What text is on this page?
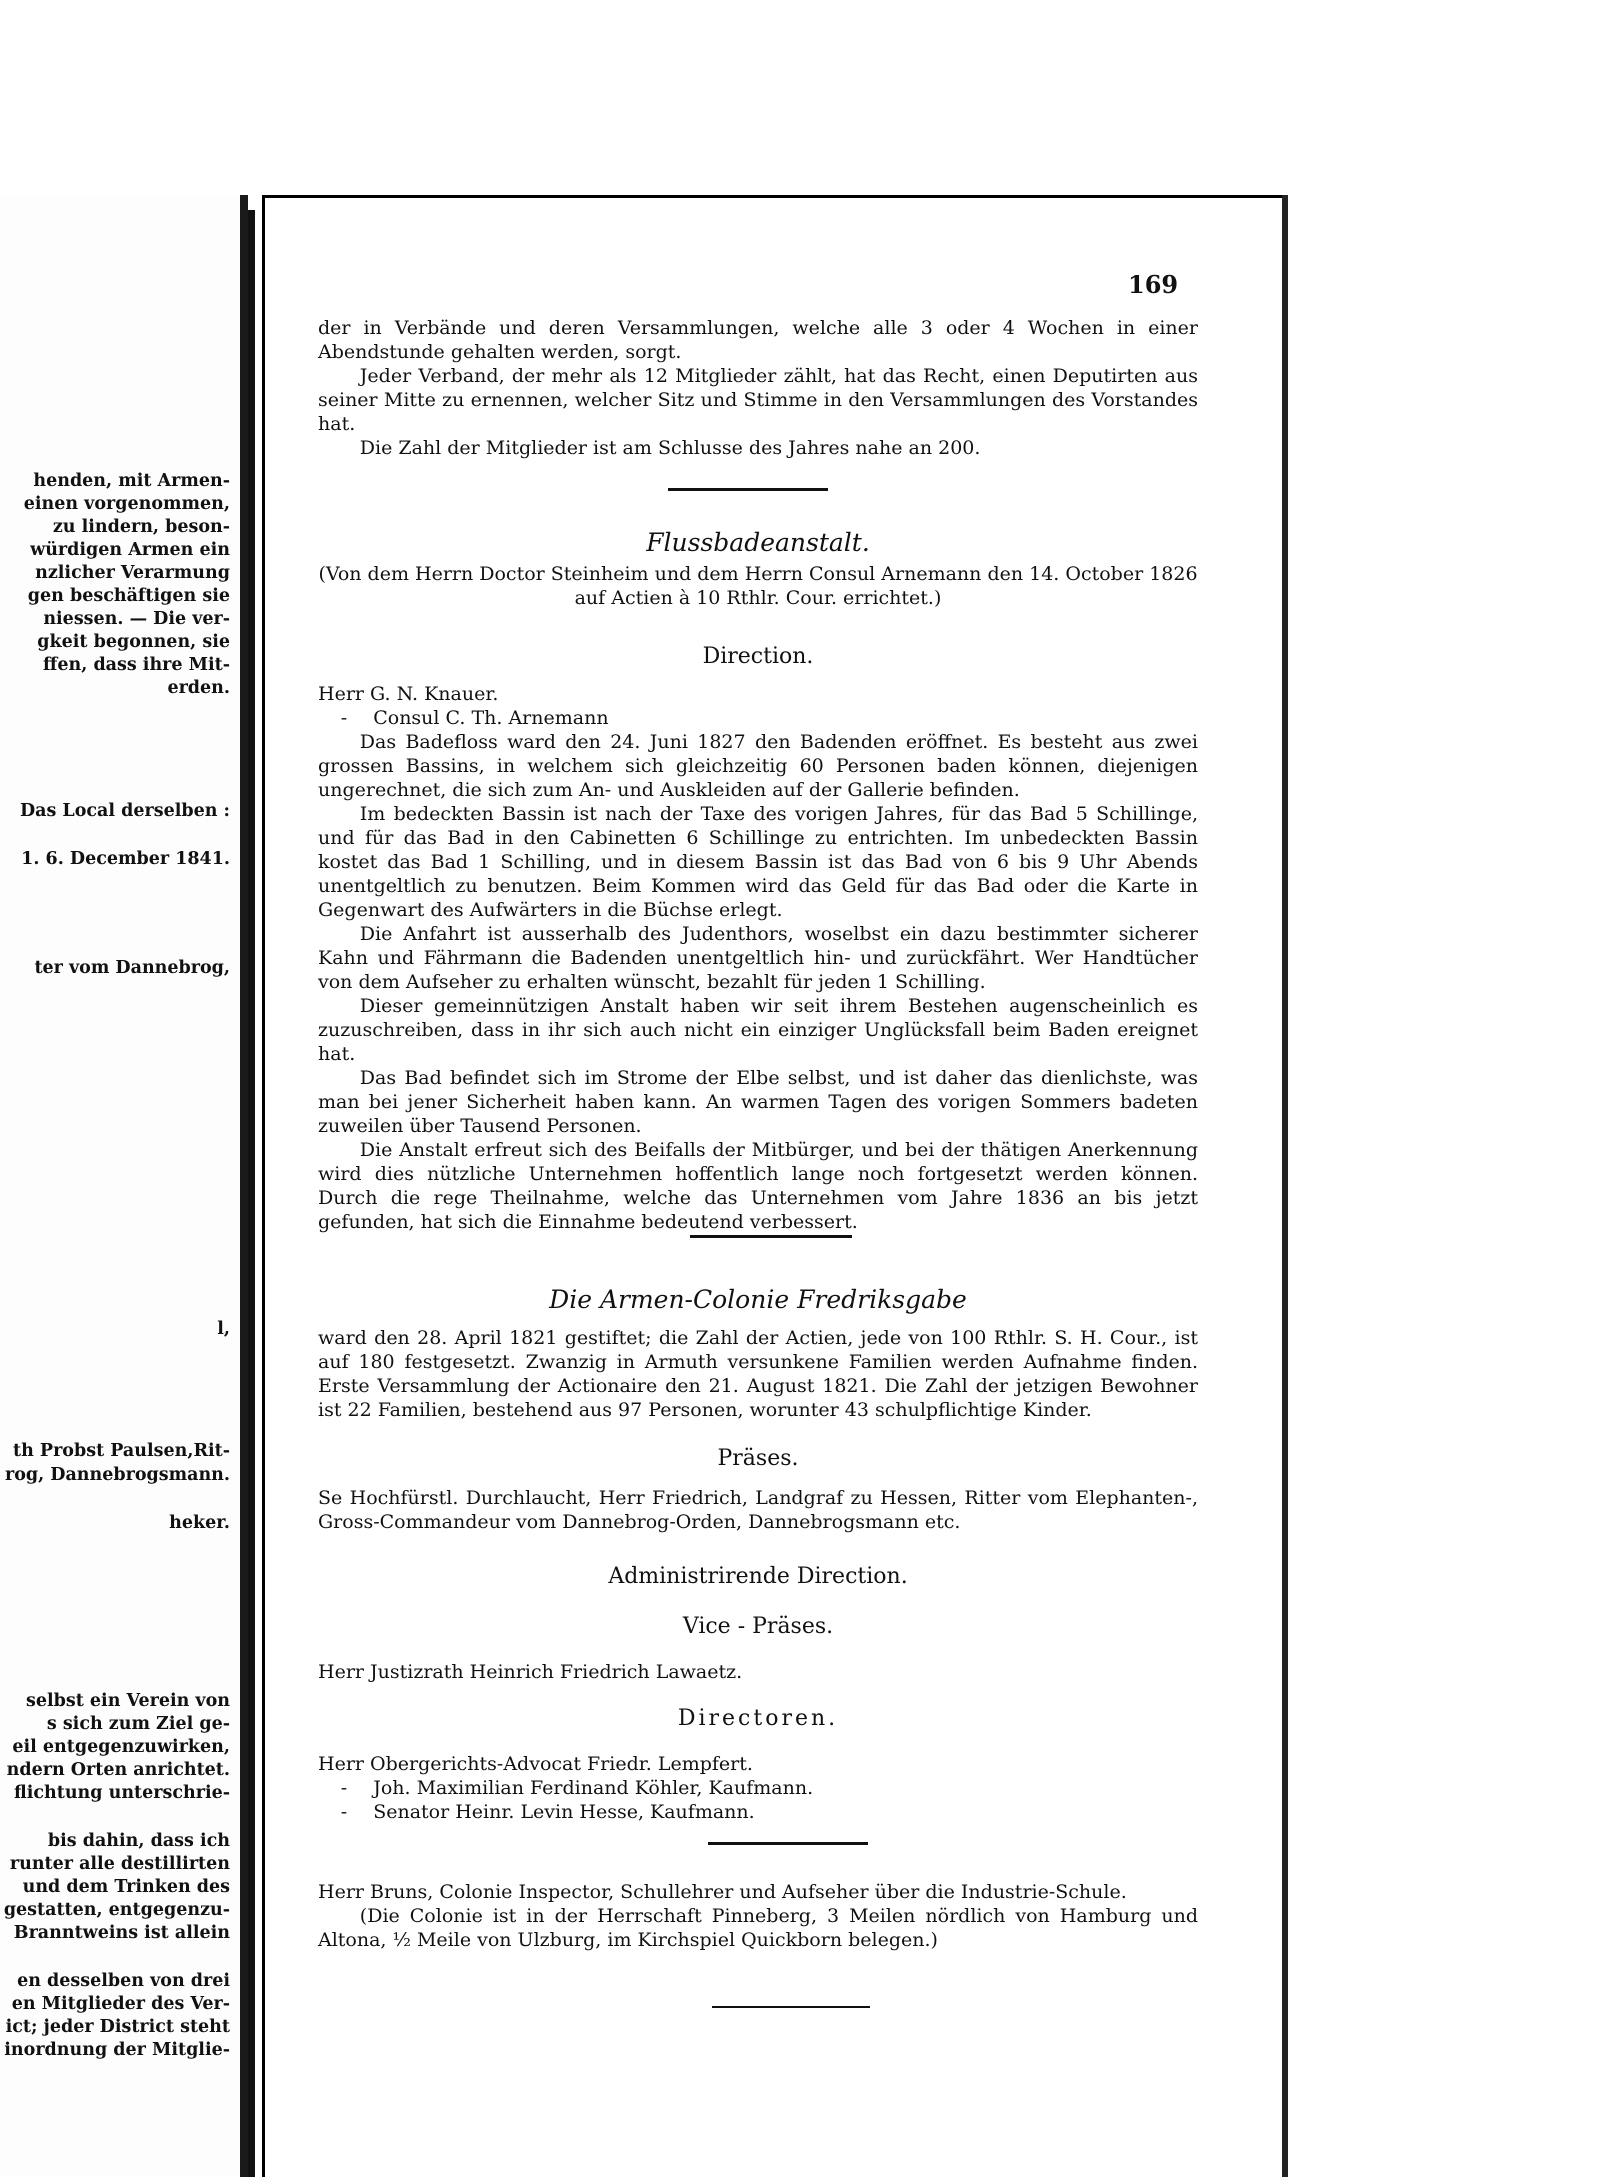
henden, mit Armen-
einen vorgenommen,
zu lindern, beson-
würdigen Armen ein
nzlicher Verarmung
gen beschäftigen sie
niessen. — Die ver-
gkeit begonnen, sie
ffen, dass ihre Mit-
erden.
Das Local derselben :
1. 6. December 1841.
ter vom Dannebrog,
l,
th Probst Paulsen,Rit-
rog, Dannebrogsmann.
heker.
selbst ein Verein von
s sich zum Ziel ge-
eil entgegenzuwirken,
ndern Orten anrichtet.
flichtung unterschrie-
bis dahin, dass ich
runter alle destillirten
und dem Trinken des
gestatten, entgegenzu-
Branntweins ist allein
en desselben von drei
en Mitglieder des Ver-
ict; jeder District steht
inordnung der Mitglie-
169

der in Verbände und deren Versammlungen, welche alle 3 oder 4 Wochen in einer Abendstunde gehalten werden, sorgt.

Jeder Verband, der mehr als 12 Mitglieder zählt, hat das Recht, einen Deputirten aus seiner Mitte zu ernennen, welcher Sitz und Stimme in den Versammlungen des Vorstandes hat.

Die Zahl der Mitglieder ist am Schlusse des Jahres nahe an 200.

Flussbadeanstalt.
(Von dem Herrn Doctor Steinheim und dem Herrn Consul Arnemann den 14. October 1826 auf Actien à 10 Rthlr. Cour. errichtet.)
Direction.

Herr G. N. Knauer.

- Consul C. Th. Arnemann

Das Badefloss ward den 24. Juni 1827 den Badenden eröffnet. Es besteht aus zwei grossen Bassins, in welchem sich gleichzeitig 60 Personen baden können, diejenigen ungerechnet, die sich zum An- und Auskleiden auf der Gallerie befinden.

Im bedeckten Bassin ist nach der Taxe des vorigen Jahres, für das Bad 5 Schillinge, und für das Bad in den Cabinetten 6 Schillinge zu entrichten. Im unbedeckten Bassin kostet das Bad 1 Schilling, und in diesem Bassin ist das Bad von 6 bis 9 Uhr Abends unentgeltlich zu benutzen. Beim Kommen wird das Geld für das Bad oder die Karte in Gegenwart des Aufwärters in die Büchse erlegt.

Die Anfahrt ist ausserhalb des Judenthors, woselbst ein dazu bestimmter sicherer Kahn und Fährmann die Badenden unentgeltlich hin- und zurückfährt. Wer Handtücher von dem Aufseher zu erhalten wünscht, bezahlt für jeden 1 Schilling.

Dieser gemeinnützigen Anstalt haben wir seit ihrem Bestehen augenscheinlich es zuzuschreiben, dass in ihr sich auch nicht ein einziger Unglücksfall beim Baden ereignet hat.

Das Bad befindet sich im Strome der Elbe selbst, und ist daher das dienlichste, was man bei jener Sicherheit haben kann. An warmen Tagen des vorigen Sommers badeten zuweilen über Tausend Personen.

Die Anstalt erfreut sich des Beifalls der Mitbürger, und bei der thätigen Anerkennung wird dies nützliche Unternehmen hoffentlich lange noch fortgesetzt werden können. Durch die rege Theilnahme, welche das Unternehmen vom Jahre 1836 an bis jetzt gefunden, hat sich die Einnahme bedeutend verbessert.

Die Armen-Colonie Fredriksgabe
ward den 28. April 1821 gestiftet; die Zahl der Actien, jede von 100 Rthlr. S. H. Cour., ist auf 180 festgesetzt. Zwanzig in Armuth versunkene Familien werden Aufnahme finden. Erste Versammlung der Actionaire den 21. August 1821. Die Zahl der jetzigen Bewohner ist 22 Familien, bestehend aus 97 Personen, worunter 43 schulpflichtige Kinder.
Präses.
Se Hochfürstl. Durchlaucht, Herr Friedrich, Landgraf zu Hessen, Ritter vom Elephanten-, Gross-Commandeur vom Dannebrog-Orden, Dannebrogsmann etc.
Administrirende Direction.
Vice - Präses.
Herr Justizrath Heinrich Friedrich Lawaetz.
Directoren.

Herr Obergerichts-Advocat Friedr. Lempfert.

- Joh. Maximilian Ferdinand Köhler, Kaufmann.

- Senator Heinr. Levin Hesse, Kaufmann.

Herr Bruns, Colonie Inspector, Schullehrer und Aufseher über die Industrie-Schule.

(Die Colonie ist in der Herrschaft Pinneberg, 3 Meilen nördlich von Hamburg und Altona, ½ Meile von Ulzburg, im Kirchspiel Quickborn belegen.)
